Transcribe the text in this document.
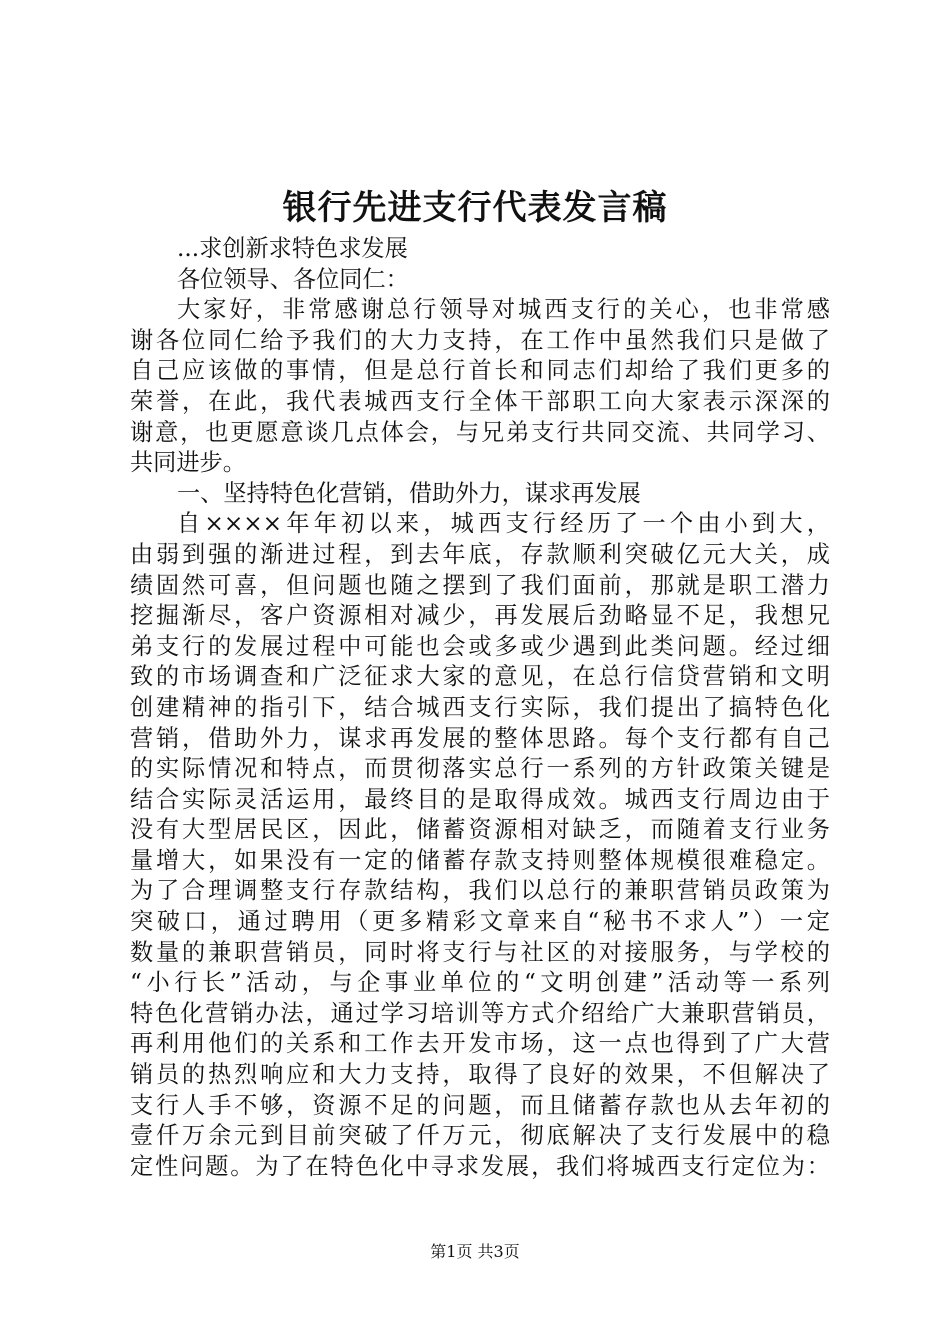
银行先进支行代表发言稿
...求创新求特色求发展
各位领导、各位同仁：
大家好，非常感谢总行领导对城西支行的关心，也非常感
谢各位同仁给予我们的大力支持，在工作中虽然我们只是做了
自己应该做的事情，但是总行首长和同志们却给了我们更多的
荣誉，在此，我代表城西支行全体干部职工向大家表示深深的
谢意，也更愿意谈几点体会，与兄弟支行共同交流、共同学习、
共同进步。
一、坚持特色化营销，借助外力，谋求再发展
自××××年年初以来，城西支行经历了一个由小到大，
由弱到强的渐进过程，到去年底，存款顺利突破亿元大关，成
绩固然可喜，但问题也随之摆到了我们面前，那就是职工潜力
挖掘渐尽，客户资源相对减少，再发展后劲略显不足，我想兄
弟支行的发展过程中可能也会或多或少遇到此类问题。经过细
致的市场调查和广泛征求大家的意见，在总行信贷营销和文明
创建精神的指引下，结合城西支行实际，我们提出了搞特色化
营销，借助外力，谋求再发展的整体思路。每个支行都有自己
的实际情况和特点，而贯彻落实总行一系列的方针政策关键是
结合实际灵活运用，最终目的是取得成效。城西支行周边由于
没有大型居民区，因此，储蓄资源相对缺乏，而随着支行业务
量增大，如果没有一定的储蓄存款支持则整体规模很难稳定。
为了合理调整支行存款结构，我们以总行的兼职营销员政策为
突破口，通过聘用（更多精彩文章来自“秘书不求人”）一定
数量的兼职营销员，同时将支行与社区的对接服务，与学校的
“小行长”活动，与企事业单位的“文明创建”活动等一系列
特色化营销办法，通过学习培训等方式介绍给广大兼职营销员，
再利用他们的关系和工作去开发市场，这一点也得到了广大营
销员的热烈响应和大力支持，取得了良好的效果，不但解决了
支行人手不够，资源不足的问题，而且储蓄存款也从去年初的
壹仟万余元到目前突破了仟万元，彻底解决了支行发展中的稳
定性问题。为了在特色化中寻求发展，我们将城西支行定位为：
第1页 共3页
